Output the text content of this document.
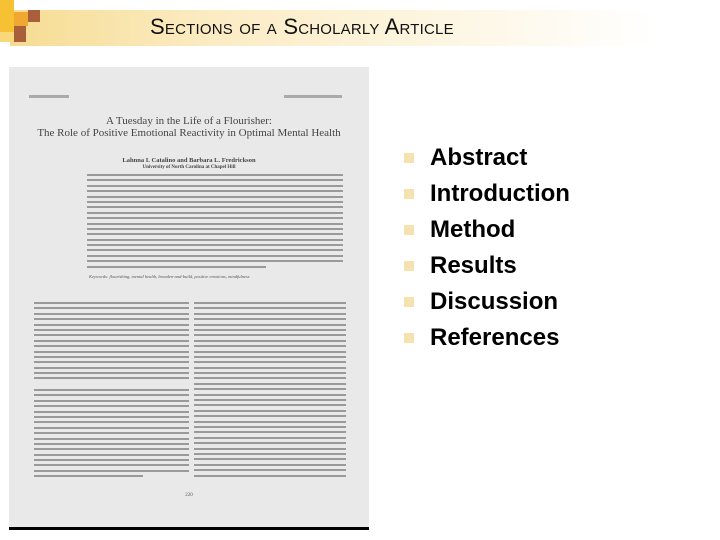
Sections of a Scholarly Article
A Tuesday in the Life of a Flourisher:
The Role of Positive Emotional Reactivity in Optimal Mental Health
Lahnna I. Catalino and Barbara L. Fredrickson
University of North Carolina at Chapel Hill
Keywords: flourishing, mental health, broaden-and-build, positive emotions, mindfulness
220
Abstract
Introduction
Method
Results
Discussion
References
